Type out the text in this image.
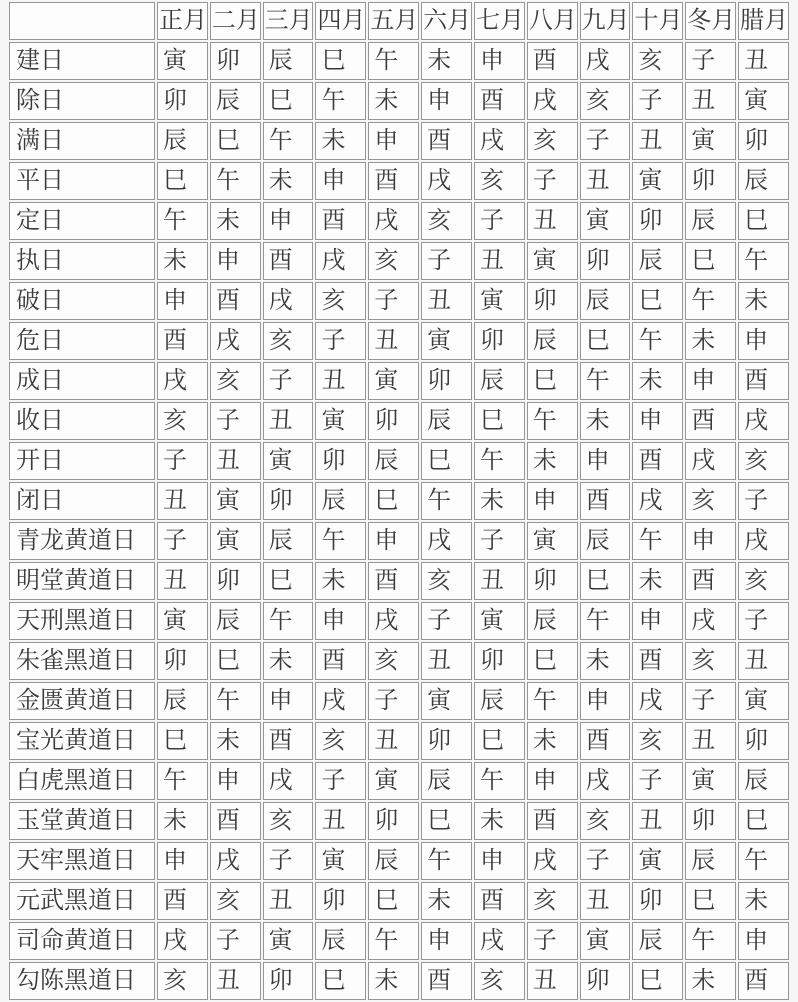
	正月	二月	三月	四月	五月	六月	七月	八月	九月	十月	冬月	腊月
建日	寅	卯	辰	巳	午	未	申	酉	戌	亥	子	丑
除日	卯	辰	巳	午	未	申	酉	戌	亥	子	丑	寅
满日	辰	巳	午	未	申	酉	戌	亥	子	丑	寅	卯
平日	巳	午	未	申	酉	戌	亥	子	丑	寅	卯	辰
定日	午	未	申	酉	戌	亥	子	丑	寅	卯	辰	巳
执日	未	申	酉	戌	亥	子	丑	寅	卯	辰	巳	午
破日	申	酉	戌	亥	子	丑	寅	卯	辰	巳	午	未
危日	酉	戌	亥	子	丑	寅	卯	辰	巳	午	未	申
成日	戌	亥	子	丑	寅	卯	辰	巳	午	未	申	酉
收日	亥	子	丑	寅	卯	辰	巳	午	未	申	酉	戌
开日	子	丑	寅	卯	辰	巳	午	未	申	酉	戌	亥
闭日	丑	寅	卯	辰	巳	午	未	申	酉	戌	亥	子
青龙黄道日	子	寅	辰	午	申	戌	子	寅	辰	午	申	戌
明堂黄道日	丑	卯	巳	未	酉	亥	丑	卯	巳	未	酉	亥
天刑黑道日	寅	辰	午	申	戌	子	寅	辰	午	申	戌	子
朱雀黑道日	卯	巳	未	酉	亥	丑	卯	巳	未	酉	亥	丑
金匮黄道日	辰	午	申	戌	子	寅	辰	午	申	戌	子	寅
宝光黄道日	巳	未	酉	亥	丑	卯	巳	未	酉	亥	丑	卯
白虎黑道日	午	申	戌	子	寅	辰	午	申	戌	子	寅	辰
玉堂黄道日	未	酉	亥	丑	卯	巳	未	酉	亥	丑	卯	巳
天牢黑道日	申	戌	子	寅	辰	午	申	戌	子	寅	辰	午
元武黑道日	酉	亥	丑	卯	巳	未	酉	亥	丑	卯	巳	未
司命黄道日	戌	子	寅	辰	午	申	戌	子	寅	辰	午	申
勾陈黑道日	亥	丑	卯	巳	未	酉	亥	丑	卯	巳	未	酉
